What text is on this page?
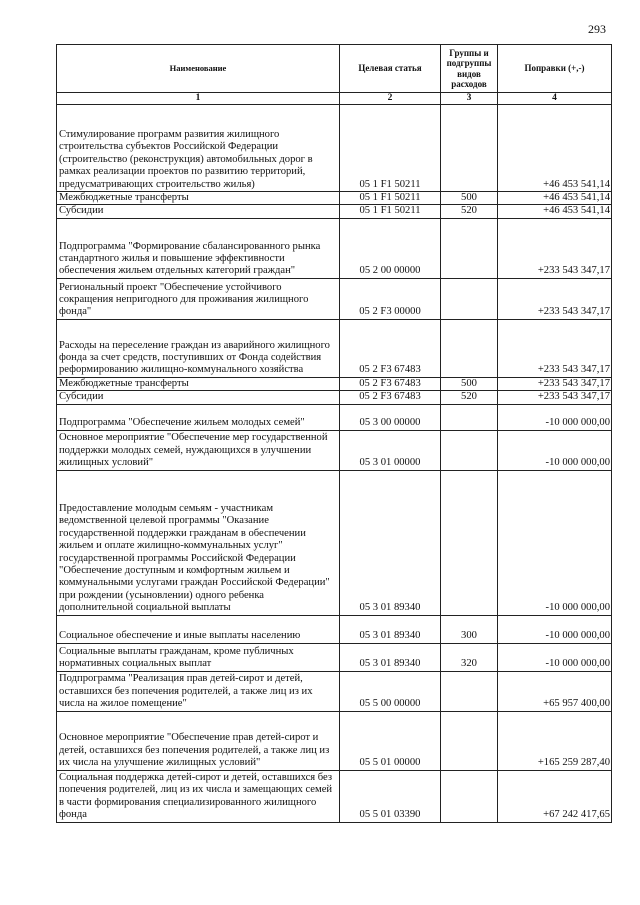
293
Наименование	Целевая статья	Группы и подгруппы видов расходов	Поправки (+,-)
1	2	3	4
Стимулирование программ развития жилищного строительства субъектов Российской Федерации (строительство (реконструкция) автомобильных дорог в рамках реализации проектов по развитию территорий, предусматривающих строительство жилья)	05 1 F1 50211		+46 453 541,14
Межбюджетные трансферты	05 1 F1 50211	500	+46 453 541,14
Субсидии	05 1 F1 50211	520	+46 453 541,14
Подпрограмма "Формирование сбалансированного рынка стандартного жилья и повышение эффективности обеспечения жильем отдельных категорий граждан"	05 2 00 00000		+233 543 347,17
Региональный проект "Обеспечение устойчивого сокращения непригодного для проживания жилищного фонда"	05 2 F3 00000		+233 543 347,17
Расходы на переселение граждан из аварийного жилищного фонда за счет средств, поступивших от Фонда содействия реформированию жилищно-коммунального хозяйства	05 2 F3 67483		+233 543 347,17
Межбюджетные трансферты	05 2 F3 67483	500	+233 543 347,17
Субсидии	05 2 F3 67483	520	+233 543 347,17
Подпрограмма "Обеспечение жильем молодых семей"	05 3 00 00000		-10 000 000,00
Основное мероприятие "Обеспечение мер государственной поддержки молодых семей, нуждающихся в улучшении жилищных условий"	05 3 01 00000		-10 000 000,00
Предоставление молодым семьям - участникам ведомственной целевой программы "Оказание государственной поддержки гражданам в обеспечении жильем и оплате жилищно-коммунальных услуг" государственной программы Российской Федерации "Обеспечение доступным и комфортным жильем и коммунальными услугами граждан Российской Федерации" при рождении (усыновлении) одного ребенка дополнительной социальной выплаты	05 3 01 89340		-10 000 000,00
Социальное обеспечение и иные выплаты населению	05 3 01 89340	300	-10 000 000,00
Социальные выплаты гражданам, кроме публичных нормативных социальных выплат	05 3 01 89340	320	-10 000 000,00
Подпрограмма "Реализация прав детей-сирот и детей, оставшихся без попечения родителей, а также лиц из их числа на жилое помещение"	05 5 00 00000		+65 957 400,00
Основное мероприятие "Обеспечение прав детей-сирот и детей, оставшихся без попечения родителей, а также лиц из их числа на улучшение жилищных условий"	05 5 01 00000		+165 259 287,40
Социальная поддержка детей-сирот и детей, оставшихся без попечения родителей, лиц из их числа и замещающих семей в части формирования специализированного жилищного фонда	05 5 01 03390		+67 242 417,65
